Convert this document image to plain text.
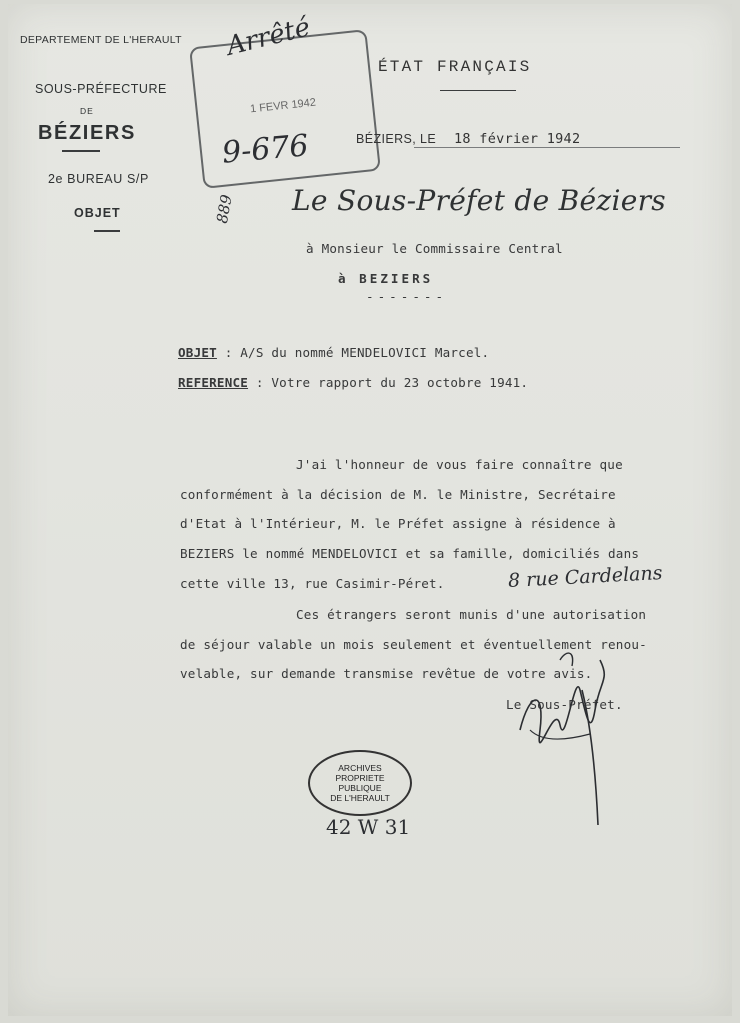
DEPARTEMENT DE L'HERAULT
SOUS-PRÉFECTURE
DE
BÉZIERS
2e BUREAU S/P
OBJET
1 FEVR 1942
Arrêté
9-676
889
ÉTAT FRANÇAIS
BÉZIERS, LE 18 février 1942
Le Sous-Préfet de Béziers
à Monsieur le Commissaire Central
à BEZIERS
-------
OBJET : A/S du nommé MENDELOVICI Marcel.
REFERENCE : Votre rapport du 23 octobre 1941.
J'ai l'honneur de vous faire connaître que
conformément à la décision de M. le Ministre, Secrétaire
d'Etat à l'Intérieur, M. le Préfet assigne à résidence à
BEZIERS le nommé MENDELOVICI et sa famille, domiciliés dans
cette ville 13, rue Casimir-Péret.	8 rue Cardelans
Ces étrangers seront munis d'une autorisation
de séjour valable un mois seulement et éventuellement renou-
velable, sur demande transmise revêtue de votre avis.
Le Sous-Préfet.
ARCHIVES
PROPRIETE
PUBLIQUE
DE L'HERAULT
42 W 31
